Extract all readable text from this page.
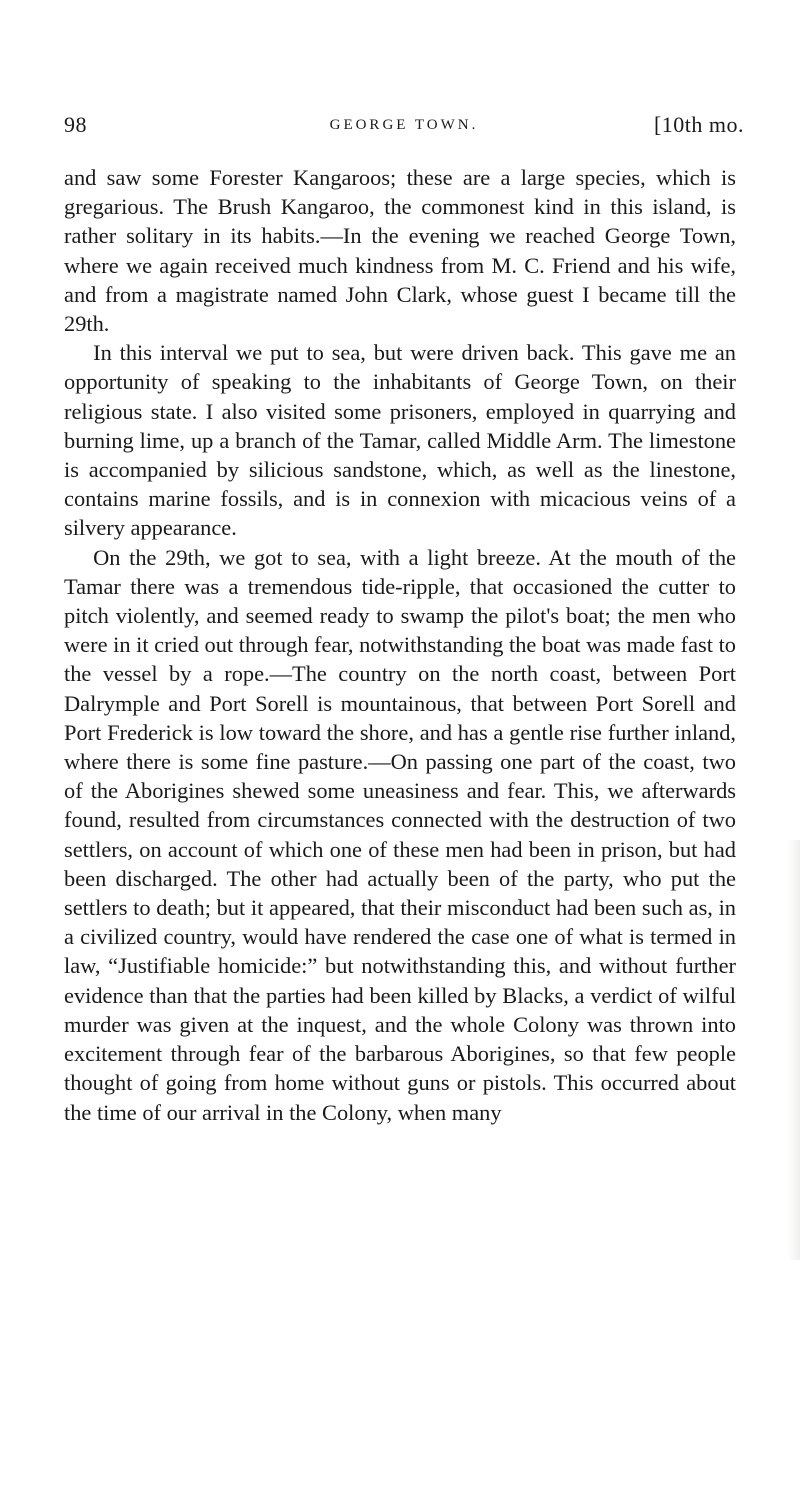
98	GEORGE TOWN.	[10th mo.

and saw some Forester Kangaroos; these are a large species, which is gregarious. The Brush Kangaroo, the commonest kind in this island, is rather solitary in its habits.—In the evening we reached George Town, where we again received much kindness from M. C. Friend and his wife, and from a magistrate named John Clark, whose guest I became till the 29th.

In this interval we put to sea, but were driven back. This gave me an opportunity of speaking to the inhabitants of George Town, on their religious state. I also visited some prisoners, employed in quarrying and burning lime, up a branch of the Tamar, called Middle Arm. The limestone is accompanied by silicious sandstone, which, as well as the linestone, contains marine fossils, and is in connexion with micacious veins of a silvery appearance.

On the 29th, we got to sea, with a light breeze. At the mouth of the Tamar there was a tremendous tide-ripple, that occasioned the cutter to pitch violently, and seemed ready to swamp the pilot's boat; the men who were in it cried out through fear, notwithstanding the boat was made fast to the vessel by a rope.—The country on the north coast, between Port Dalrymple and Port Sorell is mountainous, that between Port Sorell and Port Frederick is low toward the shore, and has a gentle rise further inland, where there is some fine pasture.—On passing one part of the coast, two of the Aborigines shewed some uneasiness and fear. This, we afterwards found, resulted from circumstances connected with the destruction of two settlers, on account of which one of these men had been in prison, but had been discharged. The other had actually been of the party, who put the settlers to death; but it appeared, that their misconduct had been such as, in a civilized country, would have rendered the case one of what is termed in law, “Justifiable homicide:” but notwithstanding this, and without further evidence than that the parties had been killed by Blacks, a verdict of wilful murder was given at the inquest, and the whole Colony was thrown into excitement through fear of the barbarous Aborigines, so that few people thought of going from home without guns or pistols. This occurred about the time of our arrival in the Colony, when many
